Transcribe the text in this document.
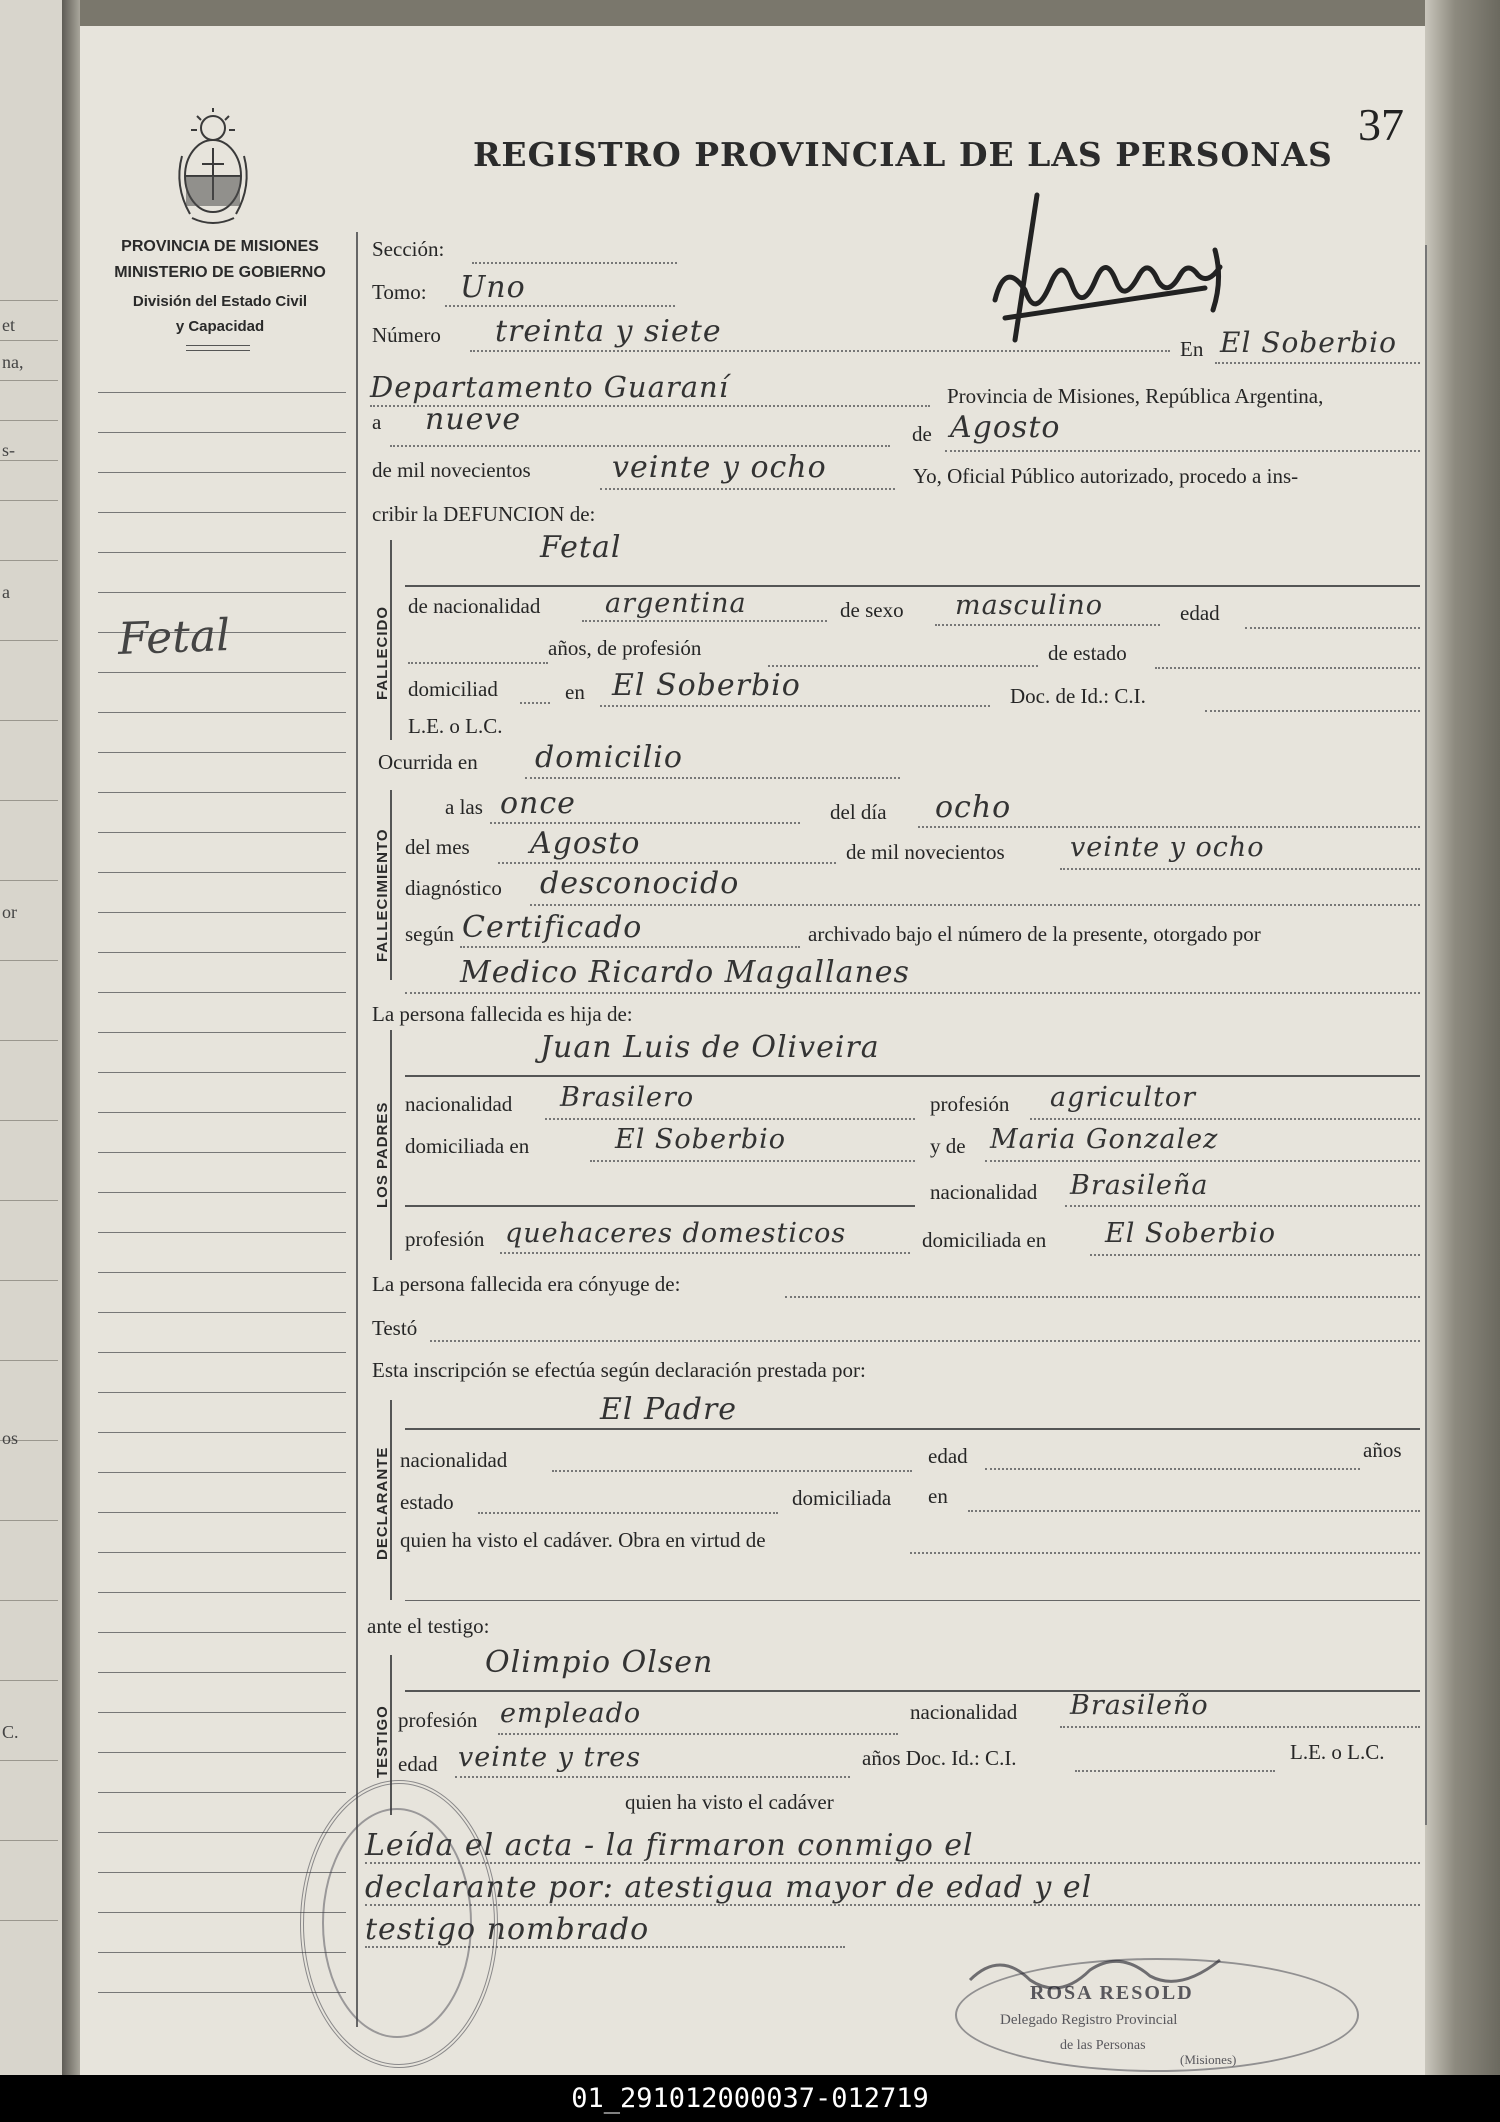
et
na,
s-
a
or
os
C.
37
REGISTRO PROVINCIAL DE LAS PERSONAS
PROVINCIA DE MISIONES
MINISTERIO DE GOBIERNO
División del Estado Civil
y Capacidad
Fetal
Sección:
Tomo: Uno
Número treinta y siete	En El Soberbio
Departamento Guaraní	Provincia de Misiones, República Argentina,
a nueve	de Agosto
de mil novecientos	veinte y ocho	Yo, Oficial Público autorizado, procedo a ins-
cribir la DEFUNCION de:
FALLECIDO
Fetal
de nacionalidad argentina	de sexo masculino	edad
años, de profesión	de estado
domiciliad	en El Soberbio	Doc. de Id.: C.I.
L.E. o L.C.
Ocurrida en domicilio
FALLECIMIENTO
a las once	del día ocho
del mes Agosto	de mil novecientos veinte y ocho
diagnóstico desconocido
según Certificado	archivado bajo el número de la presente, otorgado por
Medico Ricardo Magallanes
La persona fallecida es hija de:
LOS PADRES
Juan Luis de Oliveira
nacionalidad Brasilero	profesión agricultor
domiciliada en	El Soberbio	y de Maria Gonzalez
nacionalidad Brasileña
profesión quehaceres domesticos	domiciliada en El Soberbio
La persona fallecida era cónyuge de:
Testó
Esta inscripción se efectúa según declaración prestada por:
DECLARANTE
El Padre
nacionalidad	edad	años
estado	domiciliada en
quien ha visto el cadáver. Obra en virtud de
ante el testigo:
TESTIGO
Olimpio Olsen
profesión empleado	nacionalidad Brasileño
edad veinte y tres	años Doc. Id.: C.I.	L.E. o L.C.
quien ha visto el cadáver
Leída el acta - la firmaron conmigo el
declarante por: atestigua mayor de edad y el
testigo nombrado
ROSA RESOLD
Delegado Registro Provincial
de las Personas
(Misiones)
01_291012000037-012719
